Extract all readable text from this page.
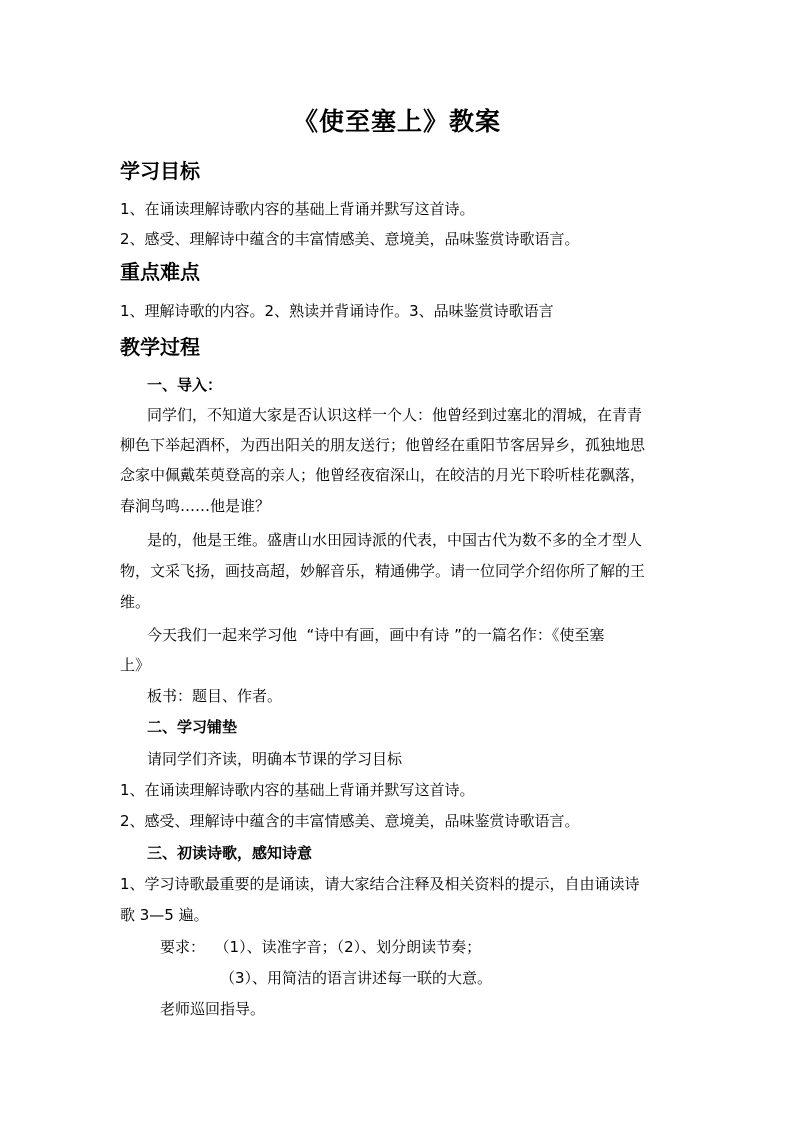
《使至塞上》教案
学习目标
1、在诵读理解诗歌内容的基础上背诵并默写这首诗。
2、感受、理解诗中蕴含的丰富情感美、意境美，品味鉴赏诗歌语言。
重点难点
1、理解诗歌的内容。2、熟读并背诵诗作。3、品味鉴赏诗歌语言
教学过程
一、导入：
同学们，不知道大家是否认识这样一个人：他曾经到过塞北的渭城，在青青
柳色下举起酒杯，为西出阳关的朋友送行；他曾经在重阳节客居异乡，孤独地思
念家中佩戴茱萸登高的亲人；他曾经夜宿深山，在皎洁的月光下聆听桂花飘落，
春涧鸟鸣……他是谁？
是的，他是王维。盛唐山水田园诗派的代表，中国古代为数不多的全才型人
物，文采飞扬，画技高超，妙解音乐，精通佛学。请一位同学介绍你所了解的王
维。
今天我们一起来学习他  “诗中有画，画中有诗 ”的一篇名作：《使至塞
上》
板书：题目、作者。
二、学习铺垫
请同学们齐读，明确本节课的学习目标
1、在诵读理解诗歌内容的基础上背诵并默写这首诗。
2、感受、理解诗中蕴含的丰富情感美、意境美，品味鉴赏诗歌语言。
三、初读诗歌，感知诗意
1、学习诗歌最重要的是诵读，请大家结合注释及相关资料的提示，自由诵读诗
歌 3—5 遍。
要求：  （1）、读准字音；（2）、划分朗读节奏；
（3）、用简洁的语言讲述每一联的大意。
老师巡回指导。
